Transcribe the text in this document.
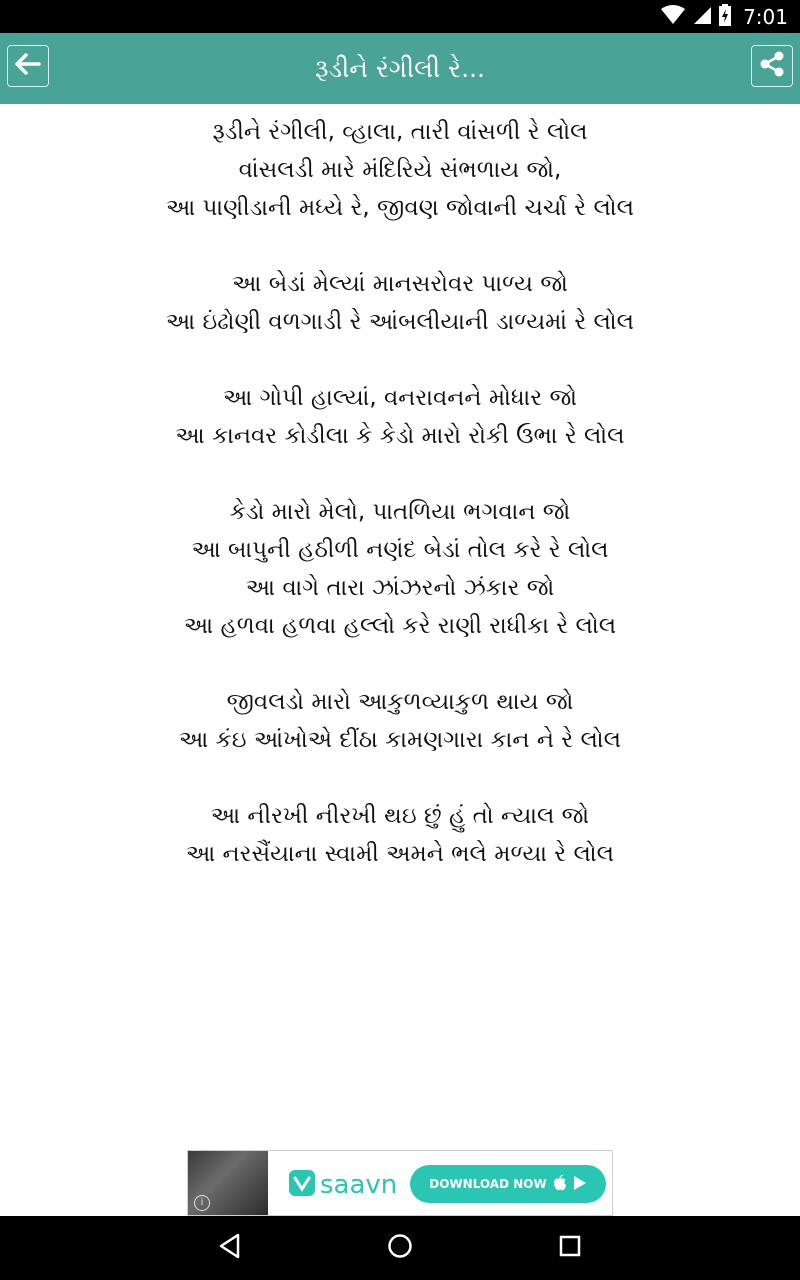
7:01
રૂડીને રંગીલી રે...
રૂડીને રંગીલી, વ્હાલા, તારી વાંસળી રે લોલ
વાંસલડી મારે મંદિરિયે સંભળાય જો,
આ પાણીડાની મધ્યે રે, જીવણ જોવાની ચર્ચા રે લોલ
આ બેડાં મેલ્યાં માનસરોવર પાળ્ય જો
આ ઇંઢોણી વળગાડી રે આંબલીયાની ડાળ્યમાં રે લોલ
આ ગોપી હાલ્યાં, વનરાવનને મોધાર જો
આ કાનવર કોડીલા કે કેડો મારો રોકી ઉભા રે લોલ
કેડો મારો મેલો, પાતળિયા ભગવાન જો
આ બાપુની હઠીળી નણંદ બેડાં તોલ કરે રે લોલ
આ વાગે તારા ઝાંઝરનો ઝંકાર જો
આ હળવા હળવા હલ્લો કરે રાણી રાધીકા રે લોલ
જીવલડો મારો આકુળવ્યાકુળ થાય જો
આ કંઇ આંખોએ દીંઠા કામણગારા કાન ને રે લોલ
આ નીરખી નીરખી થઇ છું હું તો ન્યાલ જો
આ નરસૈંયાના સ્વામી અમને ભલે મળ્યા રે લોલ
i
saavn	DOWNLOAD NOW
